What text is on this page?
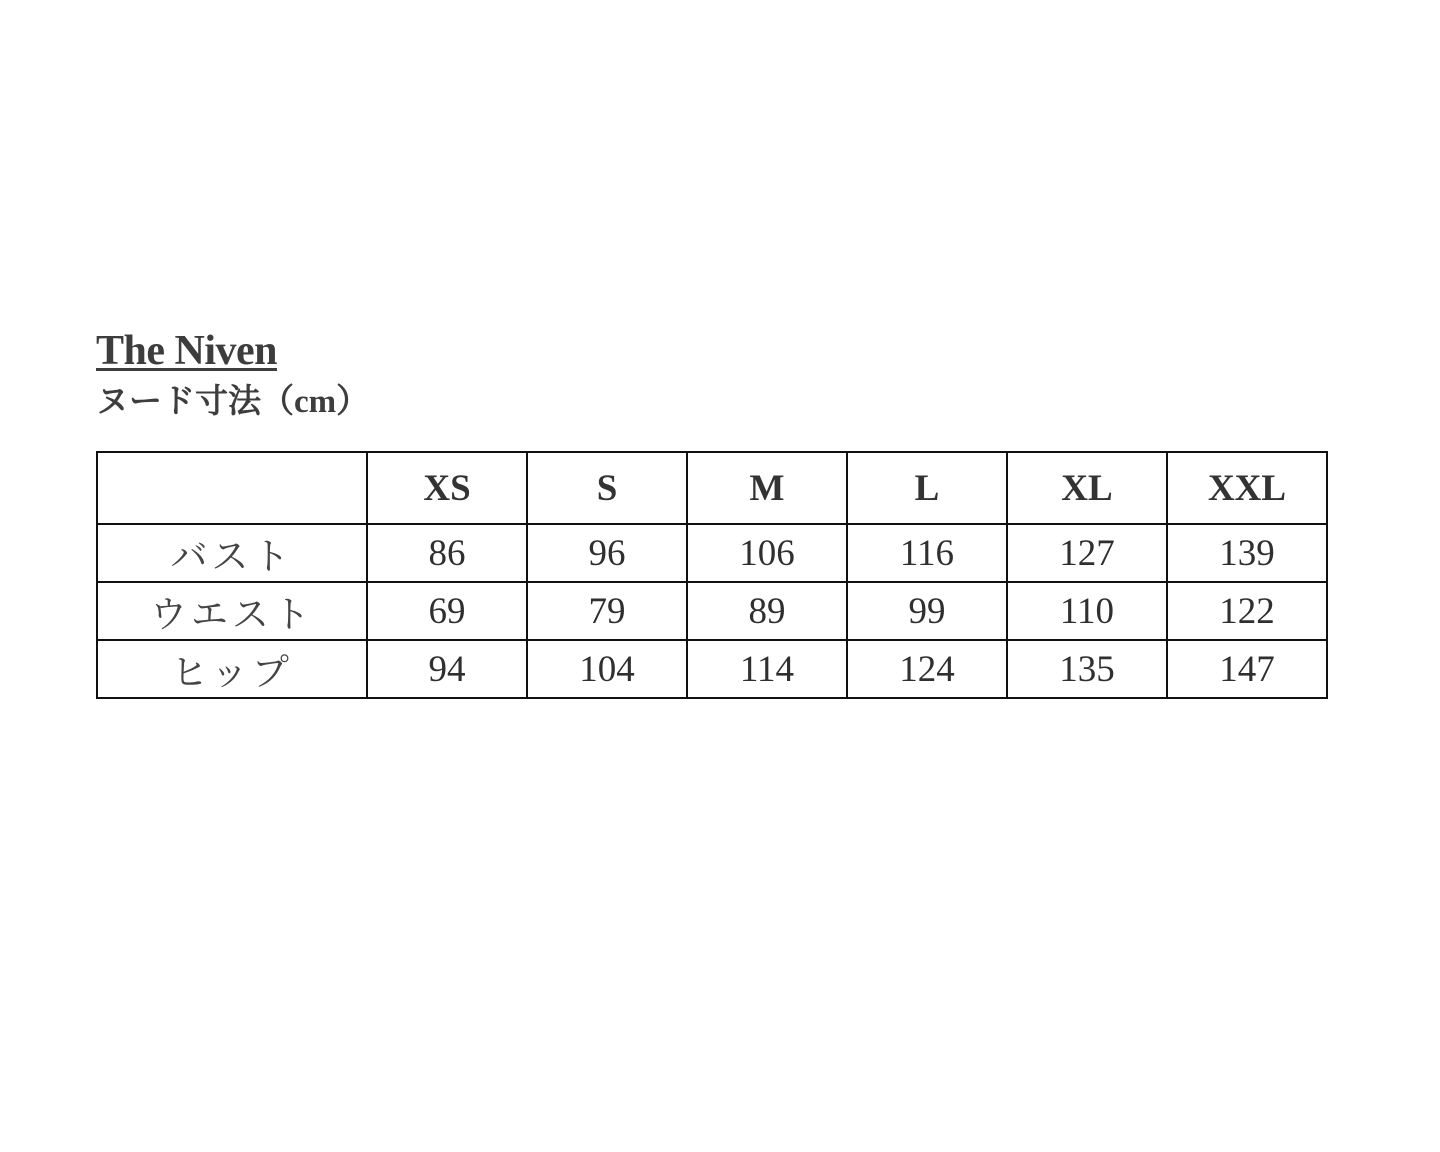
The Niven
ヌード寸法（cm）
	XS	S	M	L	XL	XXL
バスト	86	96	106	116	127	139
ウエスト	69	79	89	99	110	122
ヒップ	94	104	114	124	135	147
